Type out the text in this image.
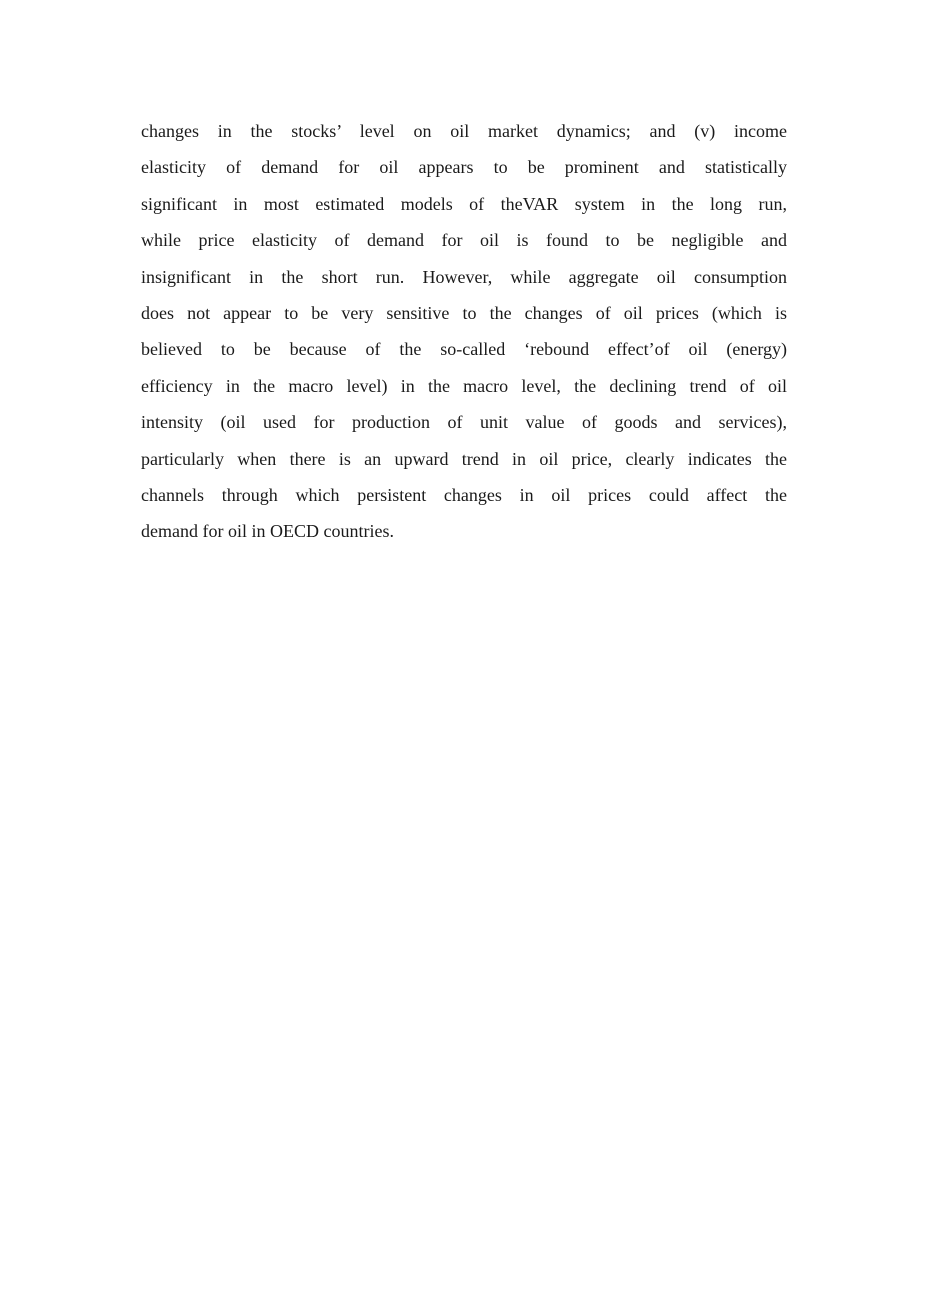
changes in the stocks’ level on oil market dynamics; and (v) income
elasticity of demand for oil appears to be prominent and statistically
significant in most estimated models of theVAR system in the long run,
while price elasticity of demand for oil is found to be negligible and
insignificant in the short run. However, while aggregate oil consumption
does not appear to be very sensitive to the changes of oil prices (which is
believed to be because of the so-called ‘rebound effect’of oil (energy)
efficiency in the macro level) in the macro level, the declining trend of oil
intensity (oil used for production of unit value of goods and services),
particularly when there is an upward trend in oil price, clearly indicates the
channels through which persistent changes in oil prices could affect the
demand for oil in OECD countries.
